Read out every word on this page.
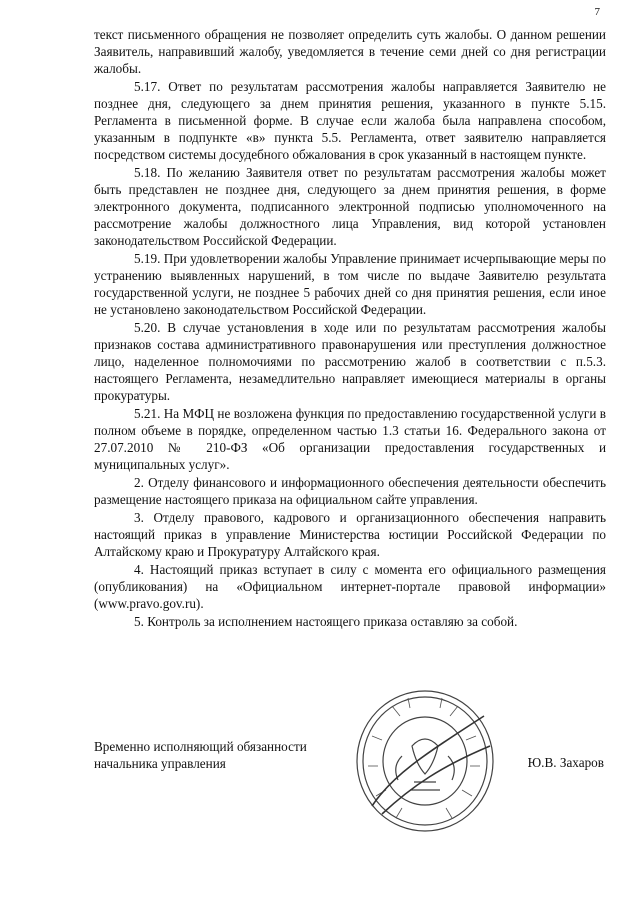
7

текст письменного обращения не позволяет определить суть жалобы. О данном решении Заявитель, направивший жалобу, уведомляется в течение семи дней со дня регистрации жалобы.

5.17. Ответ по результатам рассмотрения жалобы направляется Заявителю не позднее дня, следующего за днем принятия решения, указанного в пункте 5.15. Регламента в письменной форме. В случае если жалоба была направлена способом, указанным в подпункте «в» пункта 5.5. Регламента, ответ заявителю направляется посредством системы досудебного обжалования в срок указанный в настоящем пункте.

5.18. По желанию Заявителя ответ по результатам рассмотрения жалобы может быть представлен не позднее дня, следующего за днем принятия решения, в форме электронного документа, подписанного электронной подписью уполномоченного на рассмотрение жалобы должностного лица Управления, вид которой установлен законодательством Российской Федерации.

5.19. При удовлетворении жалобы Управление принимает исчерпывающие меры по устранению выявленных нарушений, в том числе по выдаче Заявителю результата государственной услуги, не позднее 5 рабочих дней со дня принятия решения, если иное не установлено законодательством Российской Федерации.

5.20. В случае установления в ходе или по результатам рассмотрения жалобы признаков состава административного правонарушения или преступления должностное лицо, наделенное полномочиями по рассмотрению жалоб в соответствии с п.5.3. настоящего Регламента, незамедлительно направляет имеющиеся материалы в органы прокуратуры.

5.21. На МФЦ не возложена функция по предоставлению государственной услуги в полном объеме в порядке, определенном частью 1.3 статьи 16. Федерального закона от 27.07.2010 № 210-ФЗ «Об организации предоставления государственных и муниципальных услуг».

2. Отделу финансового и информационного обеспечения деятельности обеспечить размещение настоящего приказа на официальном сайте управления.

3. Отделу правового, кадрового и организационного обеспечения направить настоящий приказ в управление Министерства юстиции Российской Федерации по Алтайскому краю и Прокуратуру Алтайского края.

4. Настоящий приказ вступает в силу с момента его официального размещения (опубликования) на «Официальном интернет-портале правовой информации» (www.pravo.gov.ru).

5. Контроль за исполнением настоящего приказа оставляю за собой.

Временно исполняющий обязанности
начальника управления	Ю.В. Захаров
